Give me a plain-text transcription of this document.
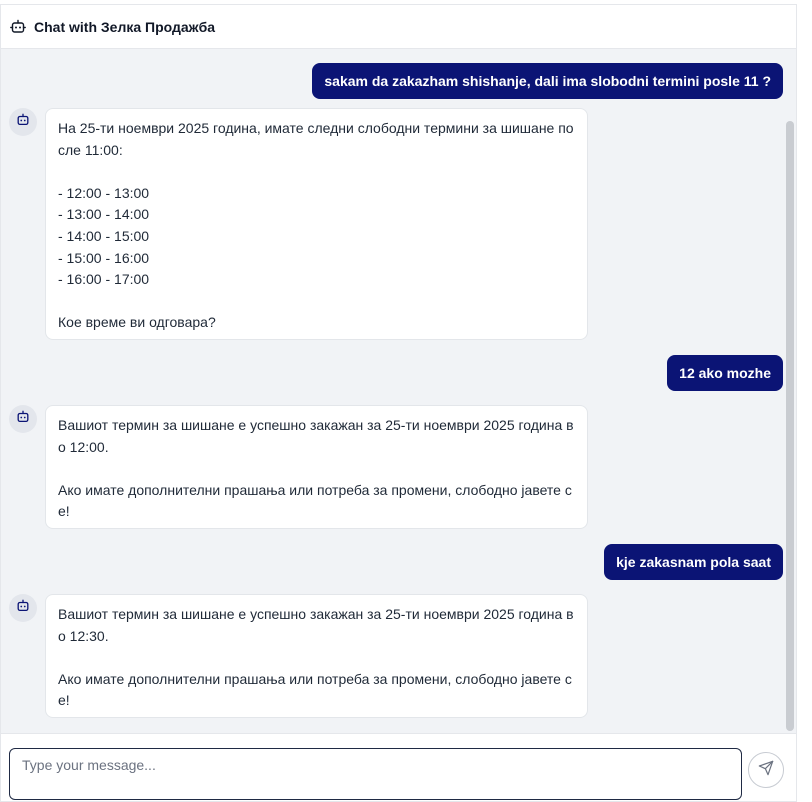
Chat with Зелка Продажба
sakam da zakazham shishanje, dali ima slobodni termini posle 11 ?
На 25-ти ноември 2025 година, имате следни слободни термини за шишане после 11:00:

- 12:00 - 13:00
- 13:00 - 14:00
- 14:00 - 15:00
- 15:00 - 16:00
- 16:00 - 17:00

Кое време ви одговара?
12 ako mozhe
Вашиот термин за шишане е успешно закажан за 25-ти ноември 2025 година во 12:00.

Ако имате дополнителни прашања или потреба за промени, слободно јавете се!
kje zakasnam pola saat
Вашиот термин за шишане е успешно закажан за 25-ти ноември 2025 година во 12:30.

Ако имате дополнителни прашања или потреба за промени, слободно јавете се!
Type your message...
